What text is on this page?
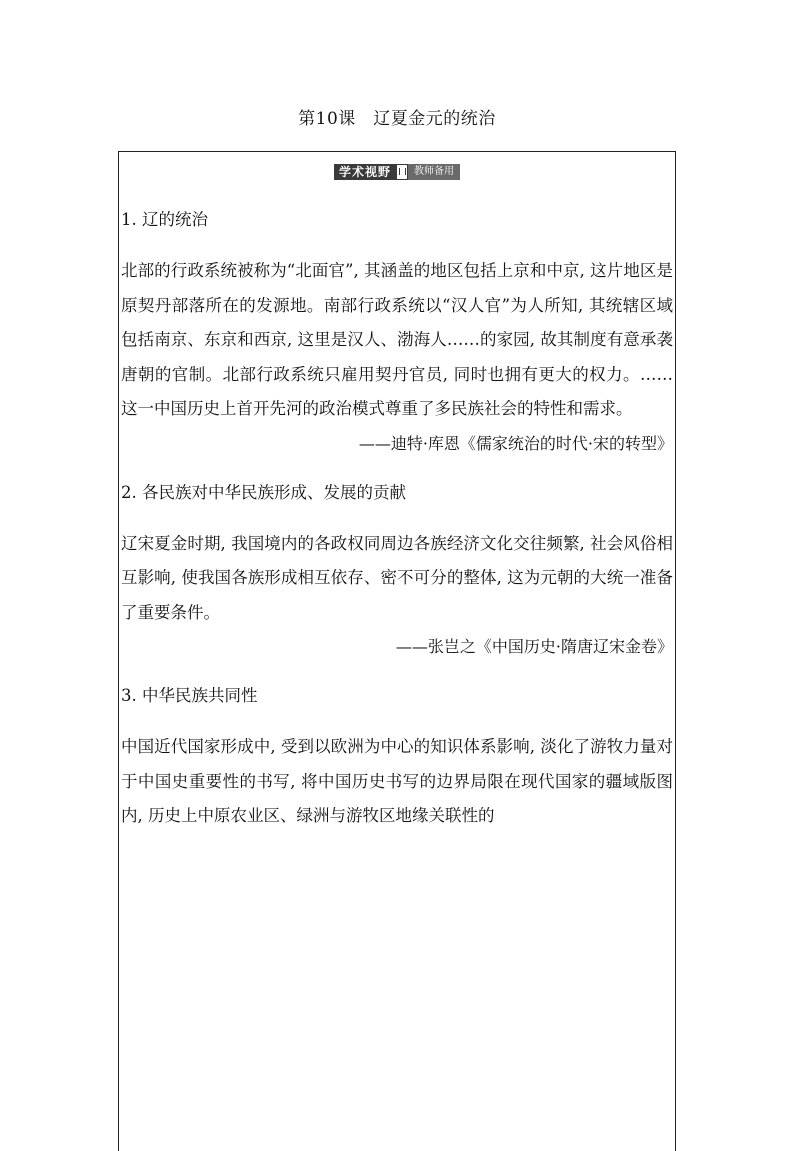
第10课　辽夏金元的统治
学术视野	教师备用

1. 辽的统治

北部的行政系统被称为“北面官”, 其涵盖的地区包括上京和中京, 这片地区是原契丹部落所在的发源地。南部行政系统以“汉人官”为人所知, 其统辖区域包括南京、东京和西京, 这里是汉人、渤海人……的家园, 故其制度有意承袭唐朝的官制。北部行政系统只雇用契丹官员, 同时也拥有更大的权力。……这一中国历史上首开先河的政治模式尊重了多民族社会的特性和需求。

——迪特·库恩《儒家统治的时代·宋的转型》

2. 各民族对中华民族形成、发展的贡献

辽宋夏金时期, 我国境内的各政权同周边各族经济文化交往频繁, 社会风俗相互影响, 使我国各族形成相互依存、密不可分的整体, 这为元朝的大统一准备了重要条件。

——张岂之《中国历史·隋唐辽宋金卷》

3. 中华民族共同性

中国近代国家形成中, 受到以欧洲为中心的知识体系影响, 淡化了游牧力量对于中国史重要性的书写, 将中国历史书写的边界局限在现代国家的疆域版图内, 历史上中原农业区、绿洲与游牧区地缘关联性的
